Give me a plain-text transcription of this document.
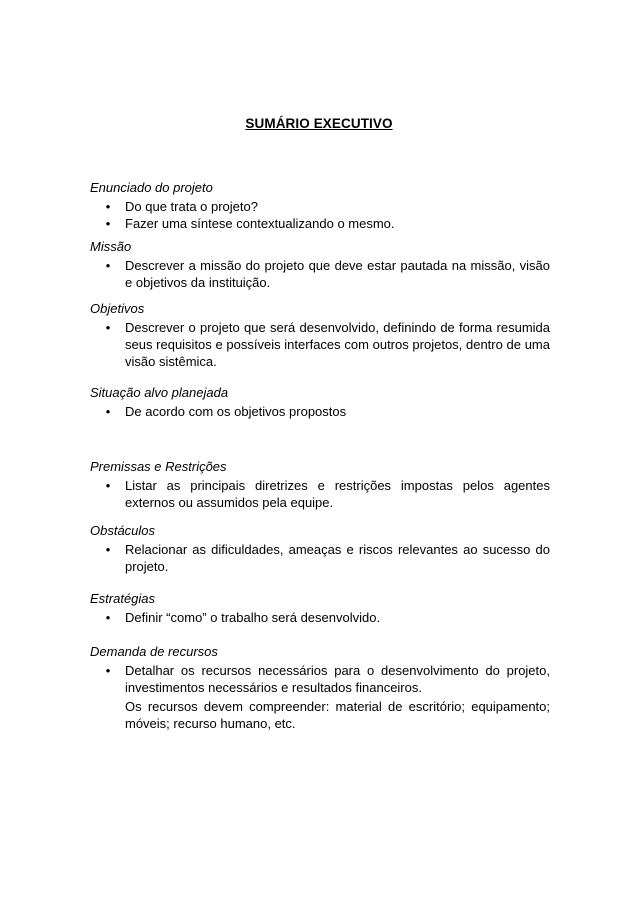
SUMÁRIO EXECUTIVO

Enunciado do projeto

• Do que trata o projeto?
• Fazer uma síntese contextualizando o mesmo.

Missão

• Descrever a missão do projeto que deve estar pautada na missão, visão e objetivos da instituição.

Objetivos

• Descrever o projeto que será desenvolvido, definindo de forma resumida seus requisitos e possíveis interfaces com outros projetos, dentro de uma visão sistêmica.

Situação alvo planejada

• De acordo com os objetivos propostos

Premissas e Restrições

• Listar as principais diretrizes e restrições impostas pelos agentes externos ou assumidos pela equipe.

Obstáculos

• Relacionar as dificuldades, ameaças e riscos relevantes ao sucesso do projeto.

Estratégias

• Definir “como” o trabalho será desenvolvido.

Demanda de recursos

• Detalhar os recursos necessários para o desenvolvimento do projeto, investimentos necessários e resultados financeiros.
Os recursos devem compreender: material de escritório; equipamento; móveis; recurso humano, etc.
